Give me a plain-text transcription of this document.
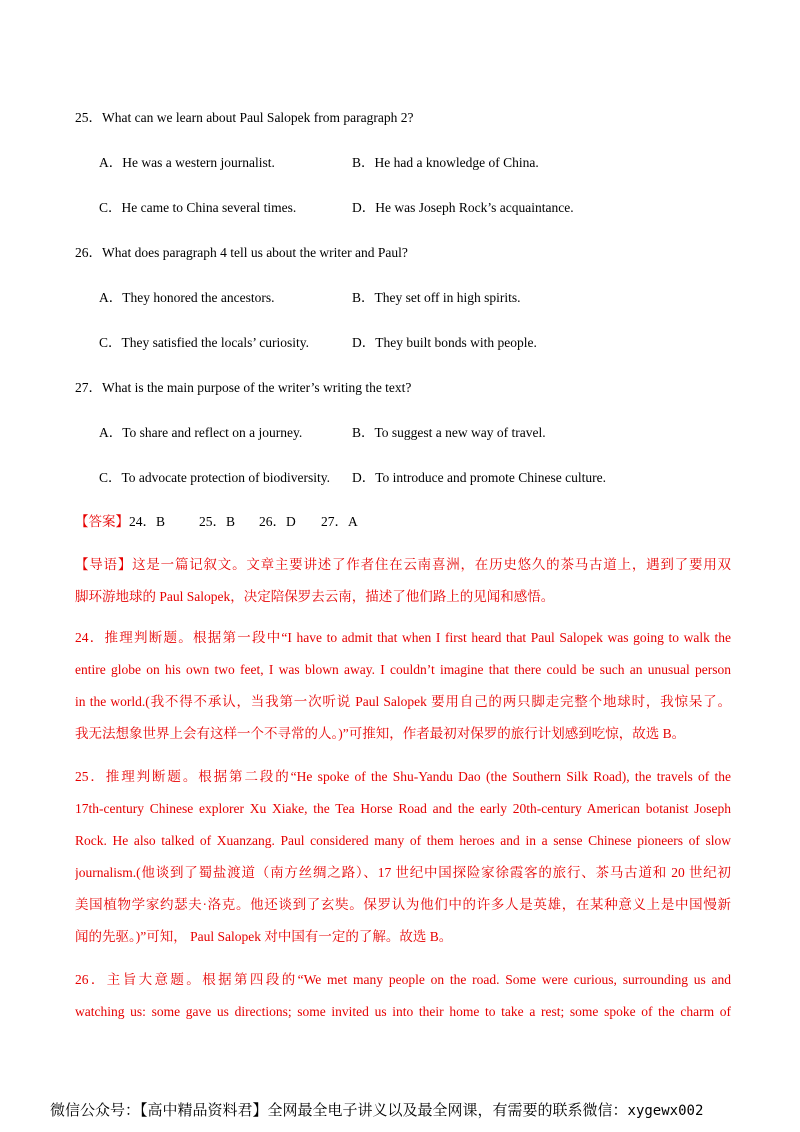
25．What can we learn about Paul Salopek from paragraph 2?
A．He was a western journalist.	B．He had a knowledge of China.
C．He came to China several times.	D．He was Joseph Rock’s acquaintance.
26．What does paragraph 4 tell us about the writer and Paul?
A．They honored the ancestors.	B．They set off in high spirits.
C．They satisfied the locals’ curiosity.	D．They built bonds with people.
27．What is the main purpose of the writer’s writing the text?
A．To share and reflect on a journey.	B．To suggest a new way of travel.
C．To advocate protection of biodiversity. D．To introduce and promote Chinese culture.
【答案】24．B	25．B 26．D 27．A
【导语】这是一篇记叙文。文章主要讲述了作者住在云南喜洲，在历史悠久的茶马古道上，遇到了要用双
脚环游地球的 Paul Salopek，决定陪保罗去云南，描述了他们路上的见闻和感悟。
24．推理判断题。根据第一段中“I have to admit that when I first heard that Paul Salopek was going to walk the
entire globe on his own two feet, I was blown away. I couldn’t imagine that there could be such an unusual person
in the world.(我不得不承认，当我第一次听说 Paul Salopek 要用自己的两只脚走完整个地球时，我惊呆了。
我无法想象世界上会有这样一个不寻常的人。)”可推知，作者最初对保罗的旅行计划感到吃惊，故选 B。
25．推理判断题。根据第二段的“He spoke of the Shu-Yandu Dao (the Southern Silk Road), the travels of the
17th-century Chinese explorer Xu Xiake, the Tea Horse Road and the early 20th-century American botanist Joseph
Rock. He also talked of Xuanzang. Paul considered many of them heroes and in a sense Chinese pioneers of slow
journalism.(他谈到了蜀盐渡道（南方丝绸之路）、17 世纪中国探险家徐霞客的旅行、茶马古道和 20 世纪初
美国植物学家约瑟夫·洛克。他还谈到了玄奘。保罗认为他们中的许多人是英雄，在某种意义上是中国慢新
闻的先驱。)”可知， Paul Salopek 对中国有一定的了解。故选 B。
26．主旨大意题。根据第四段的“We met many people on the road. Some were curious, surrounding us and
watching us: some gave us directions; some invited us into their home to take a rest; some spoke of the charm of
微信公众号：【高中精品资料君】全网最全电子讲义以及最全网课，有需要的联系微信：xygewx002
